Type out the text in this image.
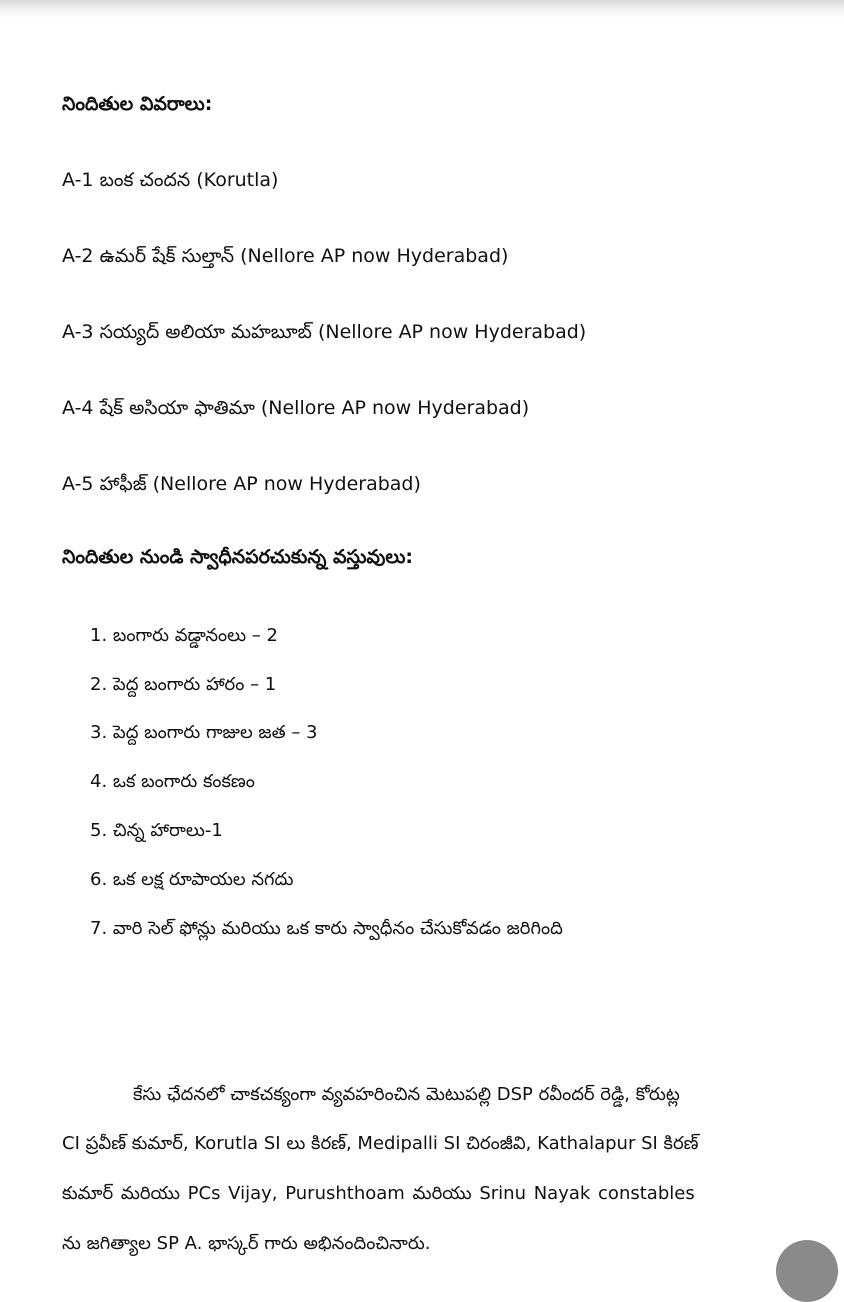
నిందితుల వివరాలు:
A-1 బంక చందన (Korutla)
A-2 ఉమర్ షేక్ సుల్తాన్ (Nellore AP now Hyderabad)
A-3 సయ్యద్ అలియా మహబూబ్ (Nellore AP now Hyderabad)
A-4 షేక్ అసియా ఫాతిమా (Nellore AP now Hyderabad)
A-5 హాఫీజ్ (Nellore AP now Hyderabad)
నిందితుల నుండి స్వాధీనపరచుకున్న వస్తువులు:
1. బంగారు వడ్డానంలు – 2
2. పెద్ద బంగారు హారం – 1
3. పెద్ద బంగారు గాజుల జత – 3
4. ఒక బంగారు కంకణం
5. చిన్న హారాలు-1
6. ఒక లక్ష రూపాయల నగదు
7. వారి సెల్ ఫోన్లు మరియు ఒక కారు స్వాధీనం చేసుకోవడం జరిగింది
కేసు ఛేదనలో చాకచక్యంగా వ్యవహరించిన మెటుపల్లి DSP రవీందర్ రెడ్డి, కోరుట్ల
CI ప్రవీణ్ కుమార్, Korutla SI లు కిరణ్, Medipalli SI చిరంజీవి, Kathalapur SI కిరణ్
కుమార్ మరియు PCs Vijay, Purushthoam మరియు Srinu Nayak constables
ను జగిత్యాల SP A. భాస్కర్ గారు అభినందించినారు.
